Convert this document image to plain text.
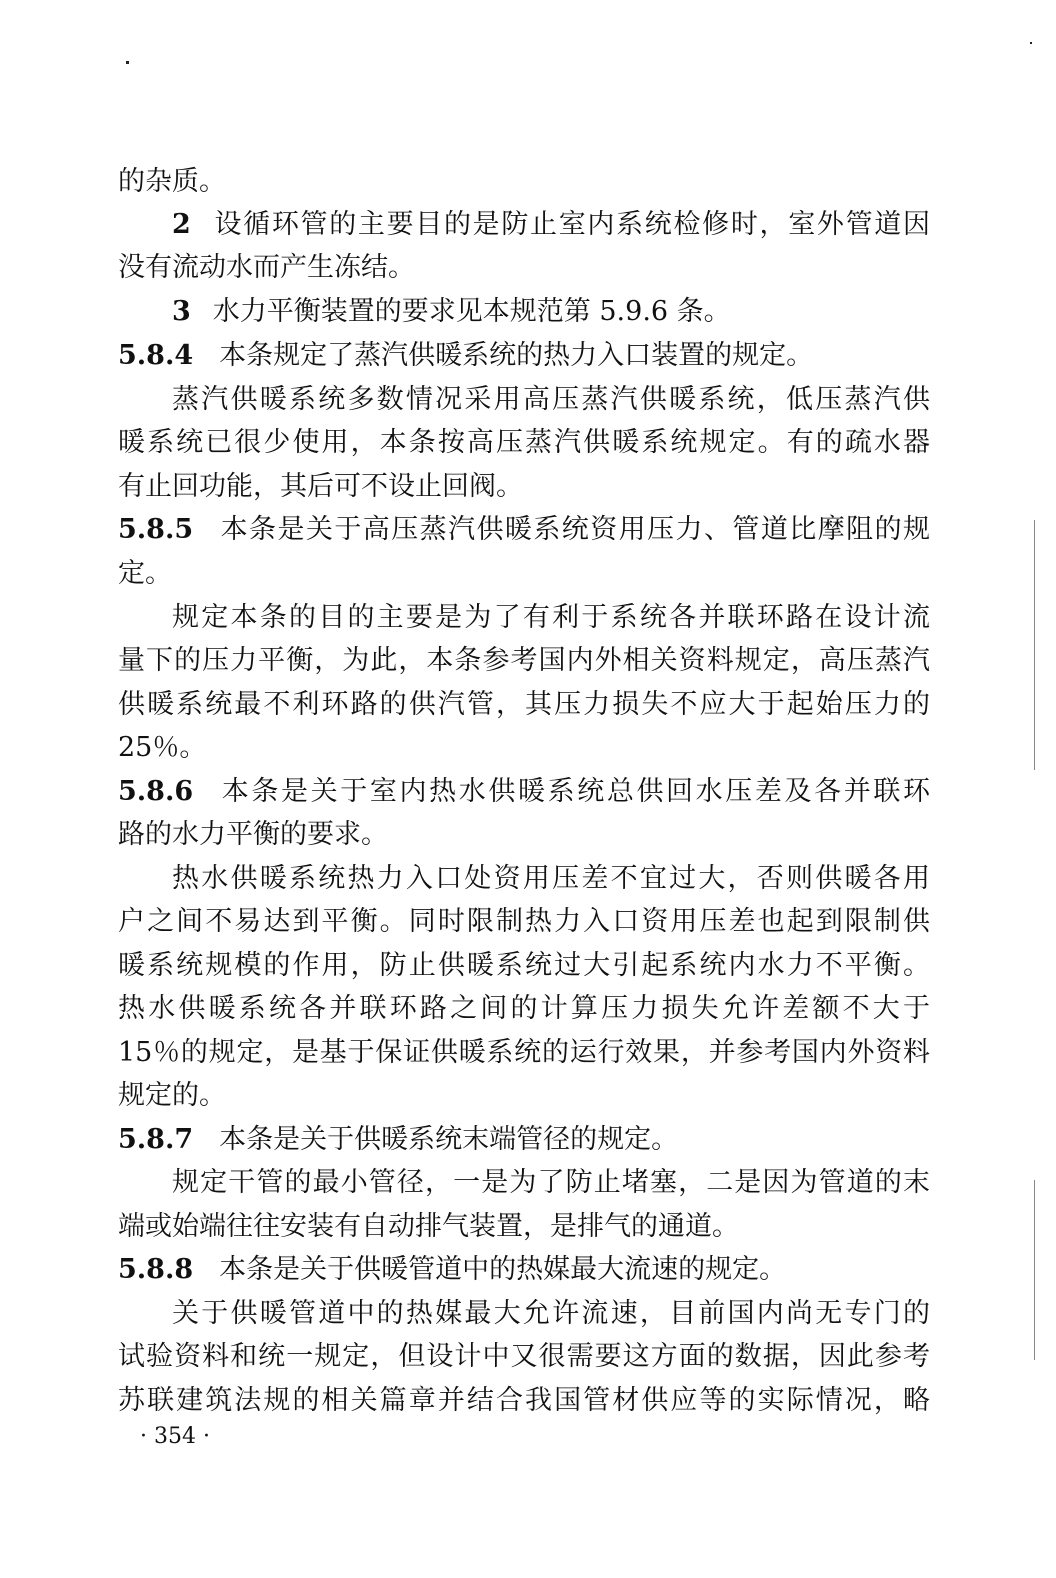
的杂质。
2 设循环管的主要目的是防止室内系统检修时，室外管道因
没有流动水而产生冻结。
3 水力平衡装置的要求见本规范第 5.9.6 条。
5.8.4 本条规定了蒸汽供暖系统的热力入口装置的规定。
蒸汽供暖系统多数情况采用高压蒸汽供暖系统，低压蒸汽供
暖系统已很少使用，本条按高压蒸汽供暖系统规定。有的疏水器
有止回功能，其后可不设止回阀。
5.8.5 本条是关于高压蒸汽供暖系统资用压力、管道比摩阻的规
定。
规定本条的目的主要是为了有利于系统各并联环路在设计流
量下的压力平衡，为此，本条参考国内外相关资料规定，高压蒸汽
供暖系统最不利环路的供汽管，其压力损失不应大于起始压力的
25％。
5.8.6 本条是关于室内热水供暖系统总供回水压差及各并联环
路的水力平衡的要求。
热水供暖系统热力入口处资用压差不宜过大，否则供暖各用
户之间不易达到平衡。同时限制热力入口资用压差也起到限制供
暖系统规模的作用，防止供暖系统过大引起系统内水力不平衡。
热水供暖系统各并联环路之间的计算压力损失允许差额不大于
15％的规定，是基于保证供暖系统的运行效果，并参考国内外资料
规定的。
5.8.7 本条是关于供暖系统末端管径的规定。
规定干管的最小管径，一是为了防止堵塞，二是因为管道的末
端或始端往往安装有自动排气装置，是排气的通道。
5.8.8 本条是关于供暖管道中的热媒最大流速的规定。
关于供暖管道中的热媒最大允许流速，目前国内尚无专门的
试验资料和统一规定，但设计中又很需要这方面的数据，因此参考
苏联建筑法规的相关篇章并结合我国管材供应等的实际情况，略
· 354 ·
